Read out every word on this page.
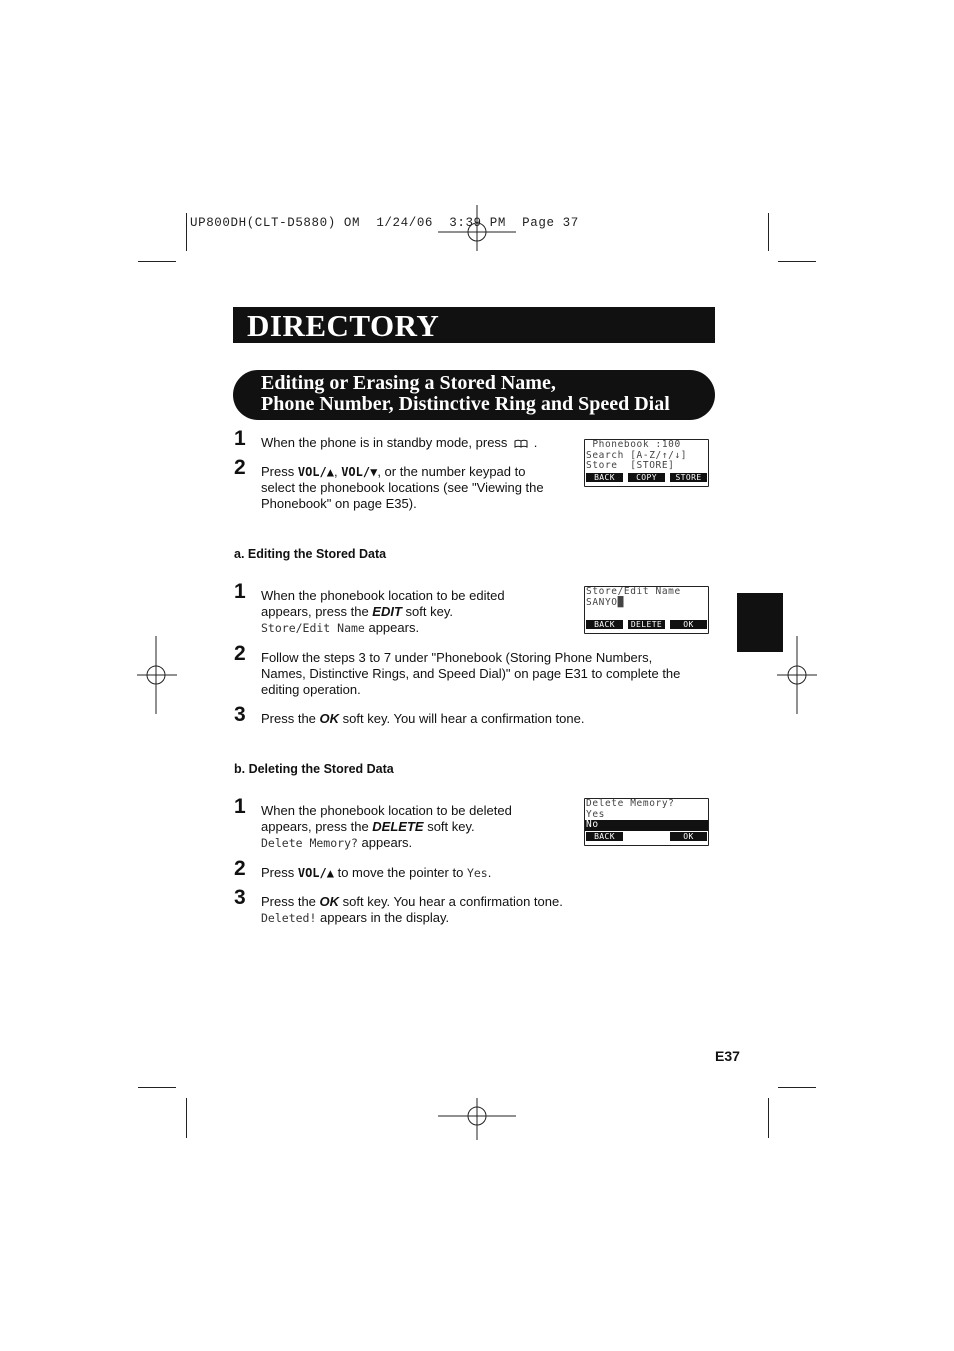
UP800DH(CLT-D5880) OM  1/24/06  3:39 PM  Page 37
DIRECTORY
Editing or Erasing a Stored Name,
Phone Number, Distinctive Ring and Speed Dial
1 When the phone is in standby mode, press .
2 Press VOL/▲, VOL/▼, or the number keypad to
select the phonebook locations (see "Viewing the
Phonebook" on page E35).
Phonebook :100
Search [A-Z/↑/↓]
Store  [STORE]
BACK	COPY	STORE
a. Editing the Stored Data
1 When the phonebook location to be edited
appears, press the EDIT soft key.
Store/Edit Name appears.
Store/Edit Name
SANYO█
BACK	DELETE	OK
2 Follow the steps 3 to 7 under "Phonebook (Storing Phone Numbers,
Names, Distinctive Rings, and Speed Dial)" on page E31 to complete the
editing operation.
3 Press the OK soft key. You will hear a confirmation tone.
b. Deleting the Stored Data
1 When the phonebook location to be deleted
appears, press the DELETE soft key.
Delete Memory? appears.
Delete Memory?
Yes
No
BACK	OK
2 Press VOL/▲ to move the pointer to Yes.
3 Press the OK soft key. You hear a confirmation tone.
Deleted! appears in the display.
E37
